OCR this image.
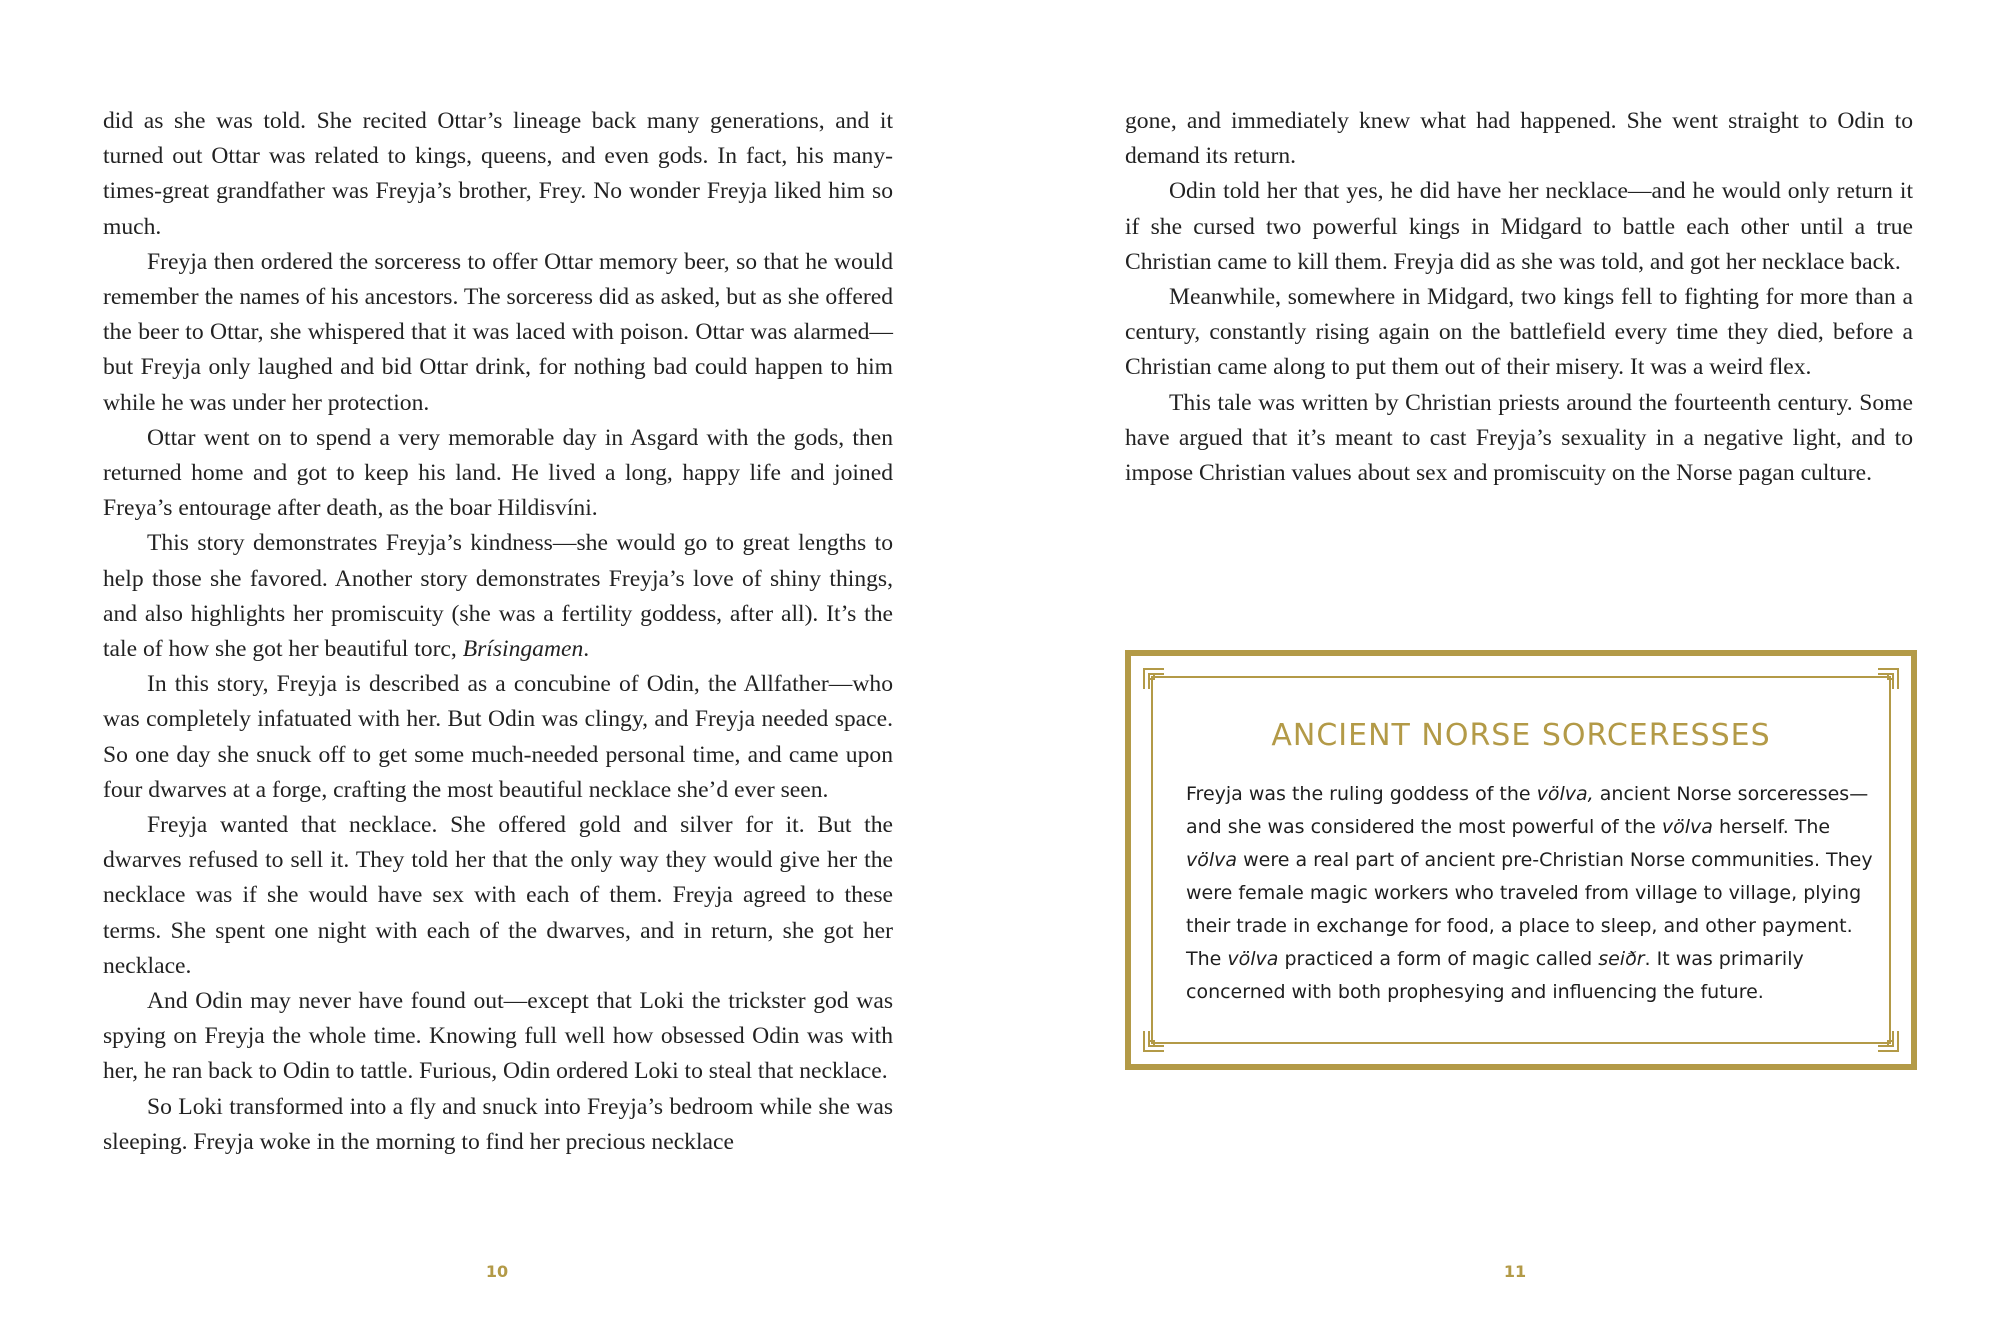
did as she was told. She recited Ottar’s lineage back many generations, and it turned out Ottar was related to kings, queens, and even gods. In fact, his many-times-great grandfather was Freyja’s brother, Frey. No wonder Freyja liked him so much.

Freyja then ordered the sorceress to offer Ottar memory beer, so that he would remember the names of his ancestors. The sorceress did as asked, but as she offered the beer to Ottar, she whispered that it was laced with poison. Ottar was alarmed—but Freyja only laughed and bid Ottar drink, for nothing bad could happen to him while he was under her protection.

Ottar went on to spend a very memorable day in Asgard with the gods, then returned home and got to keep his land. He lived a long, happy life and joined Freya’s entourage after death, as the boar Hildisvíni.

This story demonstrates Freyja’s kindness—she would go to great lengths to help those she favored. Another story demonstrates Freyja’s love of shiny things, and also highlights her promiscuity (she was a fertility goddess, after all). It’s the tale of how she got her beautiful torc, Brísingamen.

In this story, Freyja is described as a concubine of Odin, the Allfather—who was completely infatuated with her. But Odin was clingy, and Freyja needed space. So one day she snuck off to get some much-needed personal time, and came upon four dwarves at a forge, crafting the most beautiful necklace she’d ever seen.

Freyja wanted that necklace. She offered gold and silver for it. But the dwarves refused to sell it. They told her that the only way they would give her the necklace was if she would have sex with each of them. Freyja agreed to these terms. She spent one night with each of the dwarves, and in return, she got her necklace.

And Odin may never have found out—except that Loki the trickster god was spying on Freyja the whole time. Knowing full well how obsessed Odin was with her, he ran back to Odin to tattle. Furious, Odin ordered Loki to steal that necklace.

So Loki transformed into a fly and snuck into Freyja’s bedroom while she was sleeping. Freyja woke in the morning to find her precious necklace

10

gone, and immediately knew what had happened. She went straight to Odin to demand its return.

Odin told her that yes, he did have her necklace—and he would only return it if she cursed two powerful kings in Midgard to battle each other until a true Christian came to kill them. Freyja did as she was told, and got her necklace back.

Meanwhile, somewhere in Midgard, two kings fell to fighting for more than a century, constantly rising again on the battlefield every time they died, before a Christian came along to put them out of their misery. It was a weird flex.

This tale was written by Christian priests around the fourteenth century. Some have argued that it’s meant to cast Freyja’s sexuality in a negative light, and to impose Christian values about sex and promiscuity on the Norse pagan culture.

ANCIENT NORSE SORCERESSES

Freyja was the ruling goddess of the völva, ancient Norse sorceresses—and she was considered the most powerful of the völva herself. The völva were a real part of ancient pre-Christian Norse communities. They were female magic workers who traveled from village to village, plying their trade in exchange for food, a place to sleep, and other payment. The völva practiced a form of magic called seiðr. It was primarily concerned with both prophesying and influencing the future.

11
